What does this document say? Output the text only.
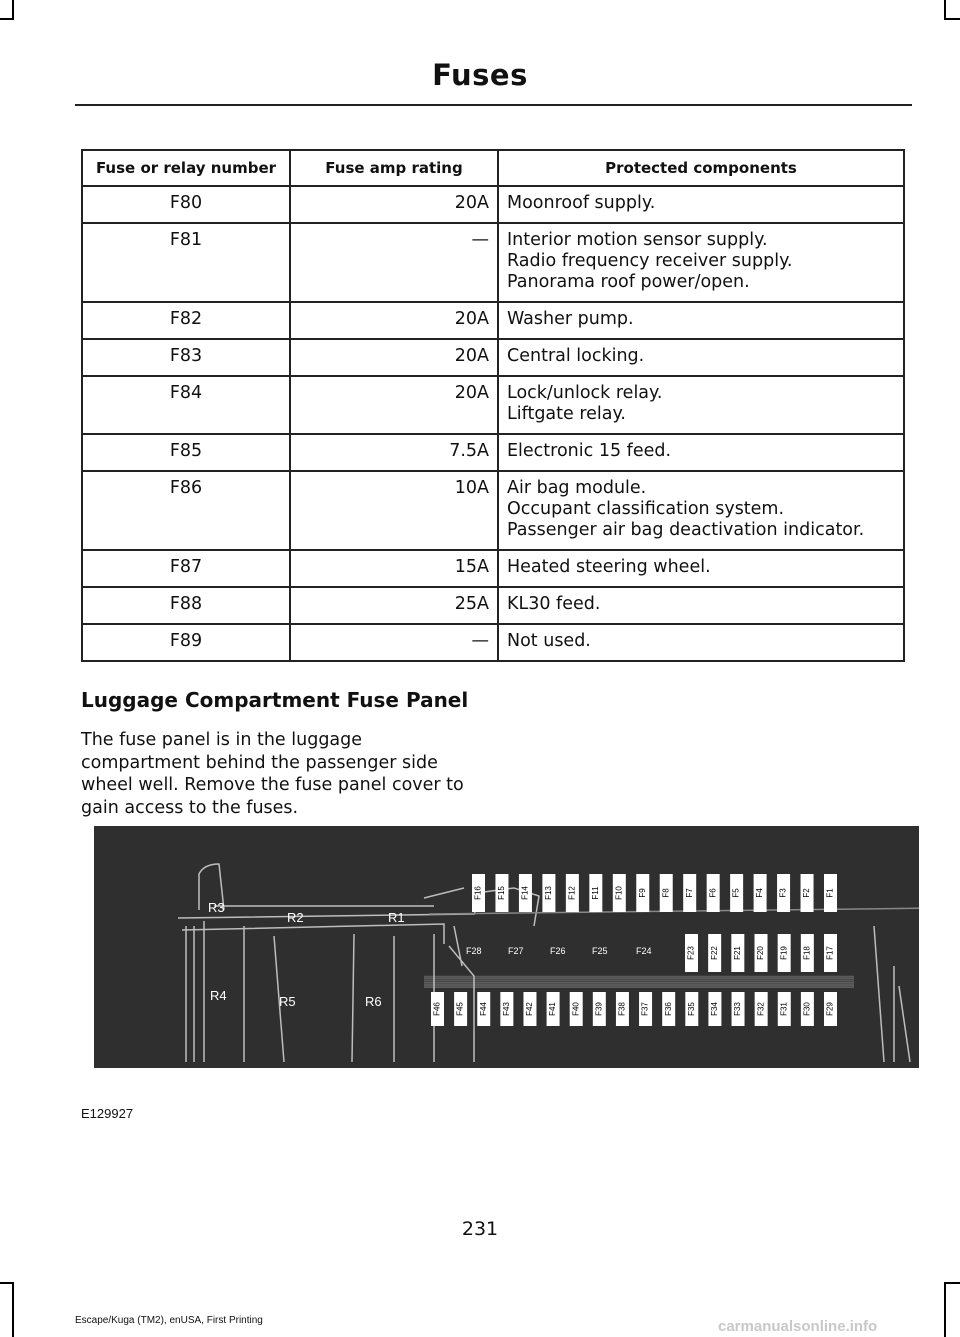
Fuses
Fuse or relay number	Fuse amp rating	Protected components
F80	20A	Moonroof supply.

F81	—	Interior motion sensor supply.
Radio frequency receiver supply.
Panorama roof power/open.

F82	20A	Washer pump.

F83	20A	Central locking.

F84	20A	Lock/unlock relay.
Liftgate relay.

F85	7.5A	Electronic 15 feed.

F86	10A	Air bag module.
Occupant classification system.
Passenger air bag deactivation indicator.

F87	15A	Heated steering wheel.

F88	25A	KL30 feed.

F89	—	Not used.
Luggage Compartment Fuse Panel
The fuse panel is in the luggage compartment behind the passenger side wheel well. Remove the fuse panel cover to gain access to the fuses.
R3
R2	R1
R4	R5	R6
F16 F15 F14 F13 F12 F11 F10 F9 F8 F7 F6 F5 F4 F3 F2 F1
F23 F22 F21 F20 F19 F18 F17
F28	F27	F26	F25	F24
F46 F45 F44 F43 F42 F41 F40 F39 F38 F37 F36 F35 F34 F33 F32 F31 F30 F29
E129927
231
Escape/Kuga (TM2), enUSA, First Printing	carmanualsonline.info
